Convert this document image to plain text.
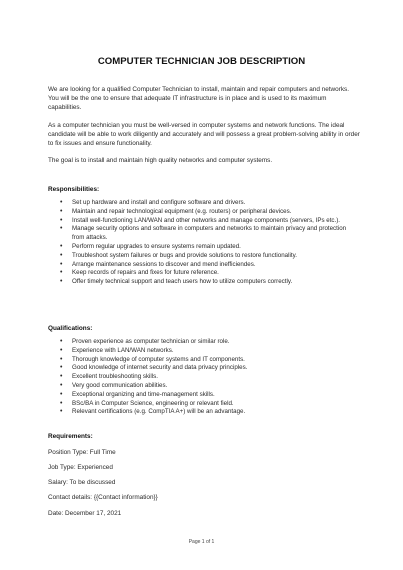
COMPUTER TECHNICIAN JOB DESCRIPTION
We are looking for a qualified Computer Technician to install, maintain and repair computers and networks. You will be the one to ensure that adequate IT infrastructure is in place and is used to its maximum capabilities.
As a computer technician you must be well-versed in computer systems and network functions. The ideal candidate will be able to work diligently and accurately and will possess a great problem-solving ability in order to fix issues and ensure functionality.
The goal is to install and maintain high quality networks and computer systems.
Responsibilities:
• Set up hardware and install and configure software and drivers.
• Maintain and repair technological equipment (e.g. routers) or peripheral devices.
• Install well-functioning LAN/WAN and other networks and manage components (servers, IPs etc.).
• Manage security options and software in computers and networks to maintain privacy and protection from attacks.
• Perform regular upgrades to ensure systems remain updated.
• Troubleshoot system failures or bugs and provide solutions to restore functionality.
• Arrange maintenance sessions to discover and mend inefficiendes.
• Keep records of repairs and fixes for future reference.
• Offer timely technical support and teach users how to utilize computers correctly.
Qualifications:
• Proven experience as computer technician or similar role.
• Experience with LAN/WAN networks.
• Thorough knowledge of computer systems and IT components.
• Good knowledge of internet security and data privacy principles.
• Excellent troubleshooting skills.
• Very good communication abilities.
• Exceptional organizing and time-management skills.
• BSc/BA in Computer Science, engineering or relevant field.
• Relevant certifications (e.g. CompTIA A+) will be an advantage.
Requirements:
Position Type: Full Time
Job Type: Experienced
Salary: To be discussed
Contact details: {{Contact information}}
Date: December 17, 2021
Page 1 of 1
